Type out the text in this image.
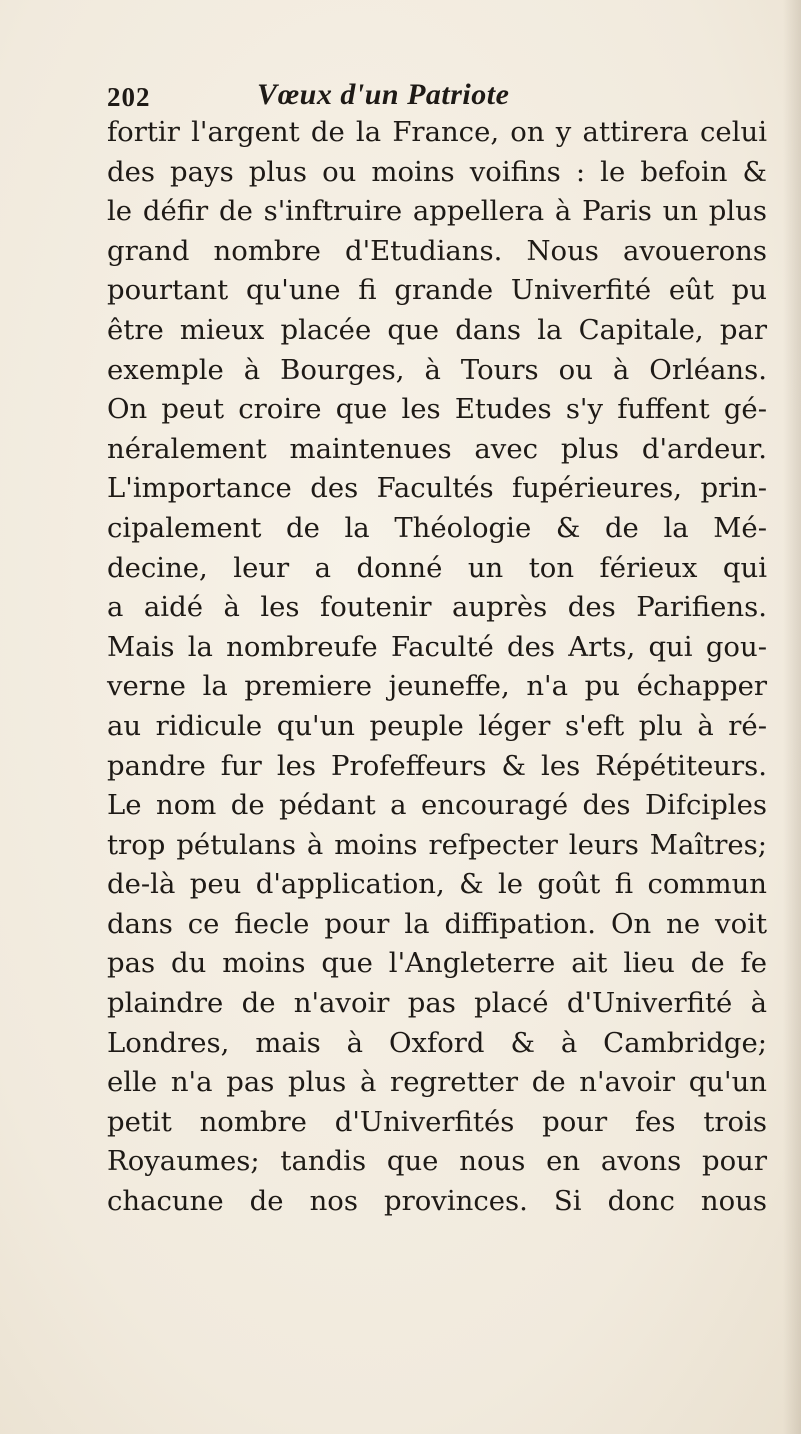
202	Vœux d'un Patriote
fortir l'argent de la France, on y attirera celui
des pays plus ou moins voifins : le befoin &
le défir de s'inftruire appellera à Paris un plus
grand nombre d'Etudians. Nous avouerons
pourtant qu'une fi grande Univerfité eût pu
être mieux placée que dans la Capitale, par
exemple à Bourges, à Tours ou à Orléans.
On peut croire que les Etudes s'y fuffent gé-
néralement maintenues avec plus d'ardeur.
L'importance des Facultés fupérieures, prin-
cipalement de la Théologie & de la Mé-
decine, leur a donné un ton férieux qui
a aidé à les foutenir auprès des Parifiens.
Mais la nombreufe Faculté des Arts, qui gou-
verne la premiere jeuneffe, n'a pu échapper
au ridicule qu'un peuple léger s'eft plu à ré-
pandre fur les Profeffeurs & les Répétiteurs.
Le nom de pédant a encouragé des Difciples
trop pétulans à moins refpecter leurs Maîtres;
de-là peu d'application, & le goût fi commun
dans ce fiecle pour la diffipation. On ne voit
pas du moins que l'Angleterre ait lieu de fe
plaindre de n'avoir pas placé d'Univerfité à
Londres, mais à Oxford & à Cambridge;
elle n'a pas plus à regretter de n'avoir qu'un
petit nombre d'Univerfités pour fes trois
Royaumes; tandis que nous en avons pour
chacune de nos provinces. Si donc nous
